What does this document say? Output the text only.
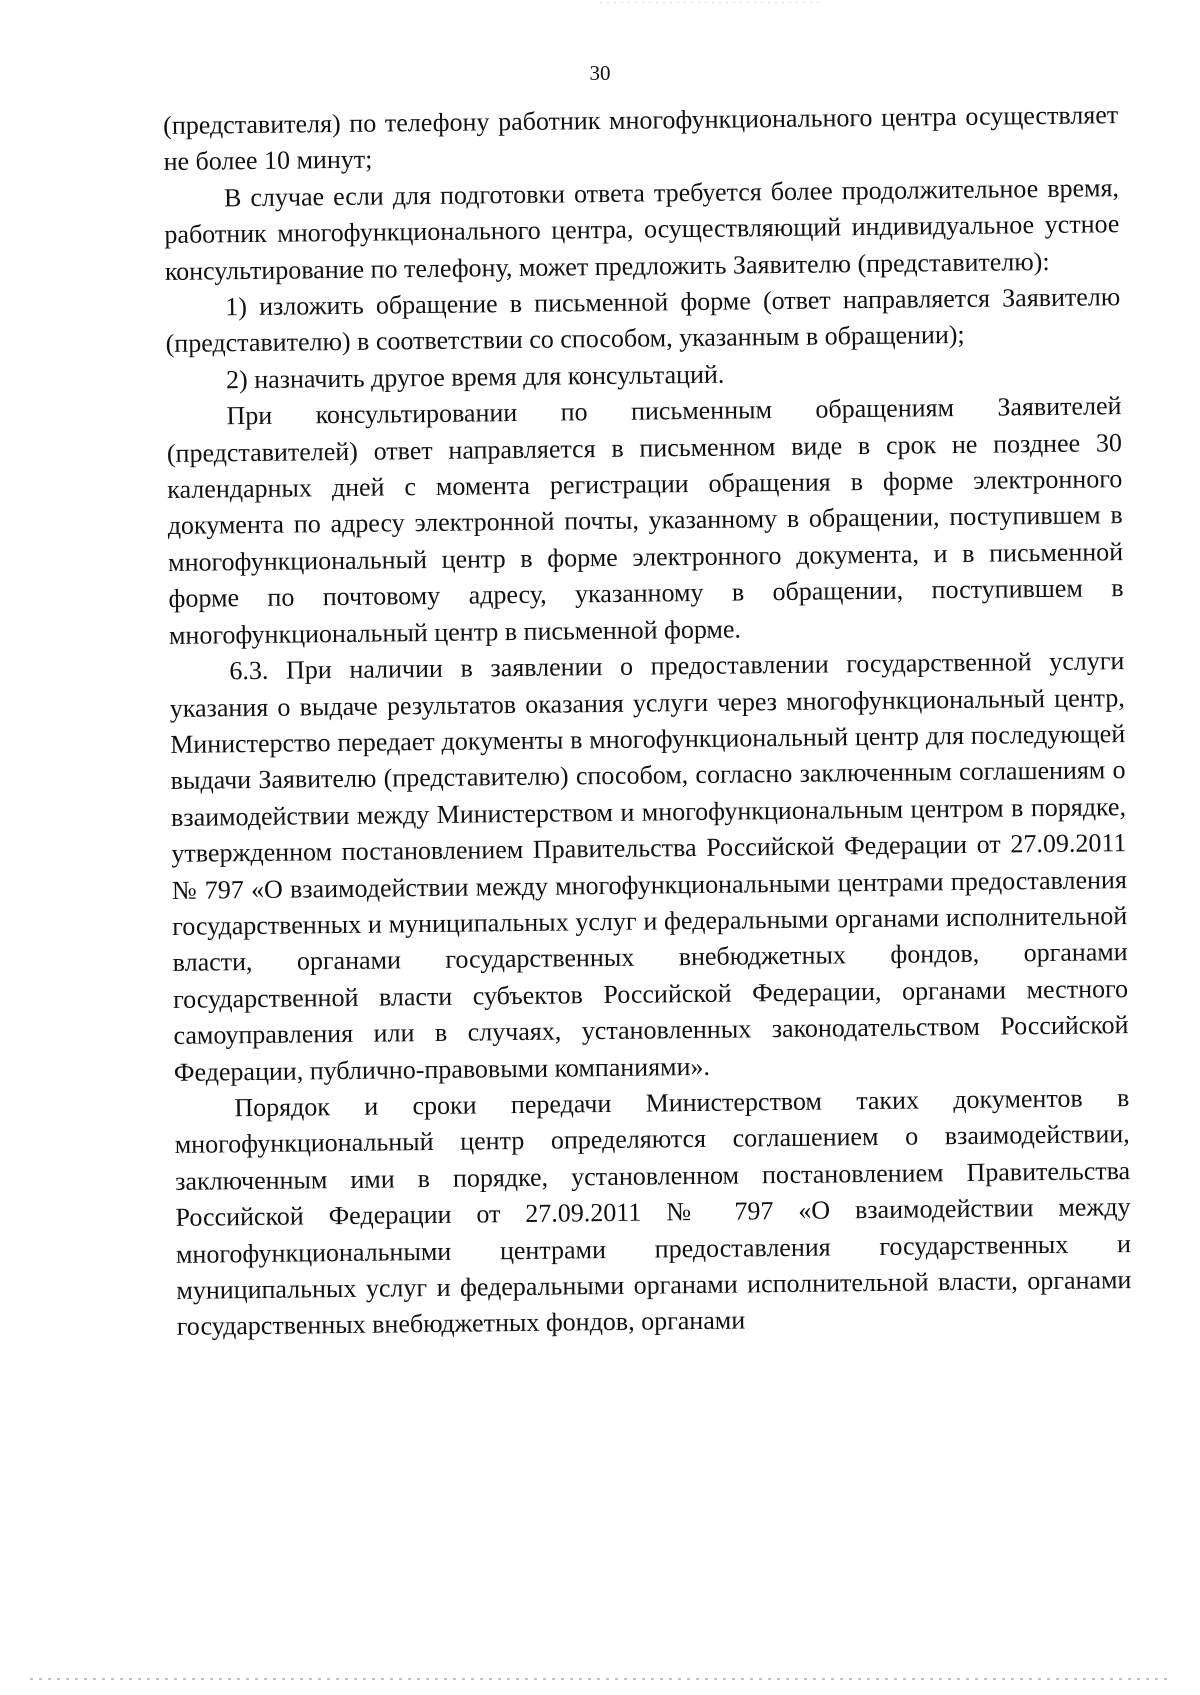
30

(представителя) по телефону работник многофункционального центра осуществляет не более 10 минут;

В случае если для подготовки ответа требуется более продолжительное время, работник многофункционального центра, осуществляющий индивидуальное устное консультирование по телефону, может предложить Заявителю (представителю):

1) изложить обращение в письменной форме (ответ направляется Заявителю (представителю) в соответствии со способом, указанным в обращении);

2) назначить другое время для консультаций.

При консультировании по письменным обращениям Заявителей (представителей) ответ направляется в письменном виде в срок не позднее 30 календарных дней с момента регистрации обращения в форме электронного документа по адресу электронной почты, указанному в обращении, поступившем в многофункциональный центр в форме электронного документа, и в письменной форме по почтовому адресу, указанному в обращении, поступившем в многофункциональный центр в письменной форме.

6.3. При наличии в заявлении о предоставлении государственной услуги указания о выдаче результатов оказания услуги через многофункциональный центр, Министерство передает документы в многофункциональный центр для последующей выдачи Заявителю (представителю) способом, согласно заключенным соглашениям о взаимодействии между Министерством и многофункциональным центром в порядке, утвержденном постановлением Правительства Российской Федерации от 27.09.2011 № 797 «О взаимодействии между многофункциональными центрами предоставления государственных и муниципальных услуг и федеральными органами исполнительной власти, органами государственных внебюджетных фондов, органами государственной власти субъектов Российской Федерации, органами местного самоуправления или в случаях, установленных законодательством Российской Федерации, публично-правовыми компаниями».

Порядок и сроки передачи Министерством таких документов в многофункциональный центр определяются соглашением о взаимодействии, заключенным ими в порядке, установленном постановлением Правительства Российской Федерации от 27.09.2011 № 797 «О взаимодействии между многофункциональными центрами предоставления государственных и муниципальных услуг и федеральными органами исполнительной власти, органами государственных внебюджетных фондов, органами
